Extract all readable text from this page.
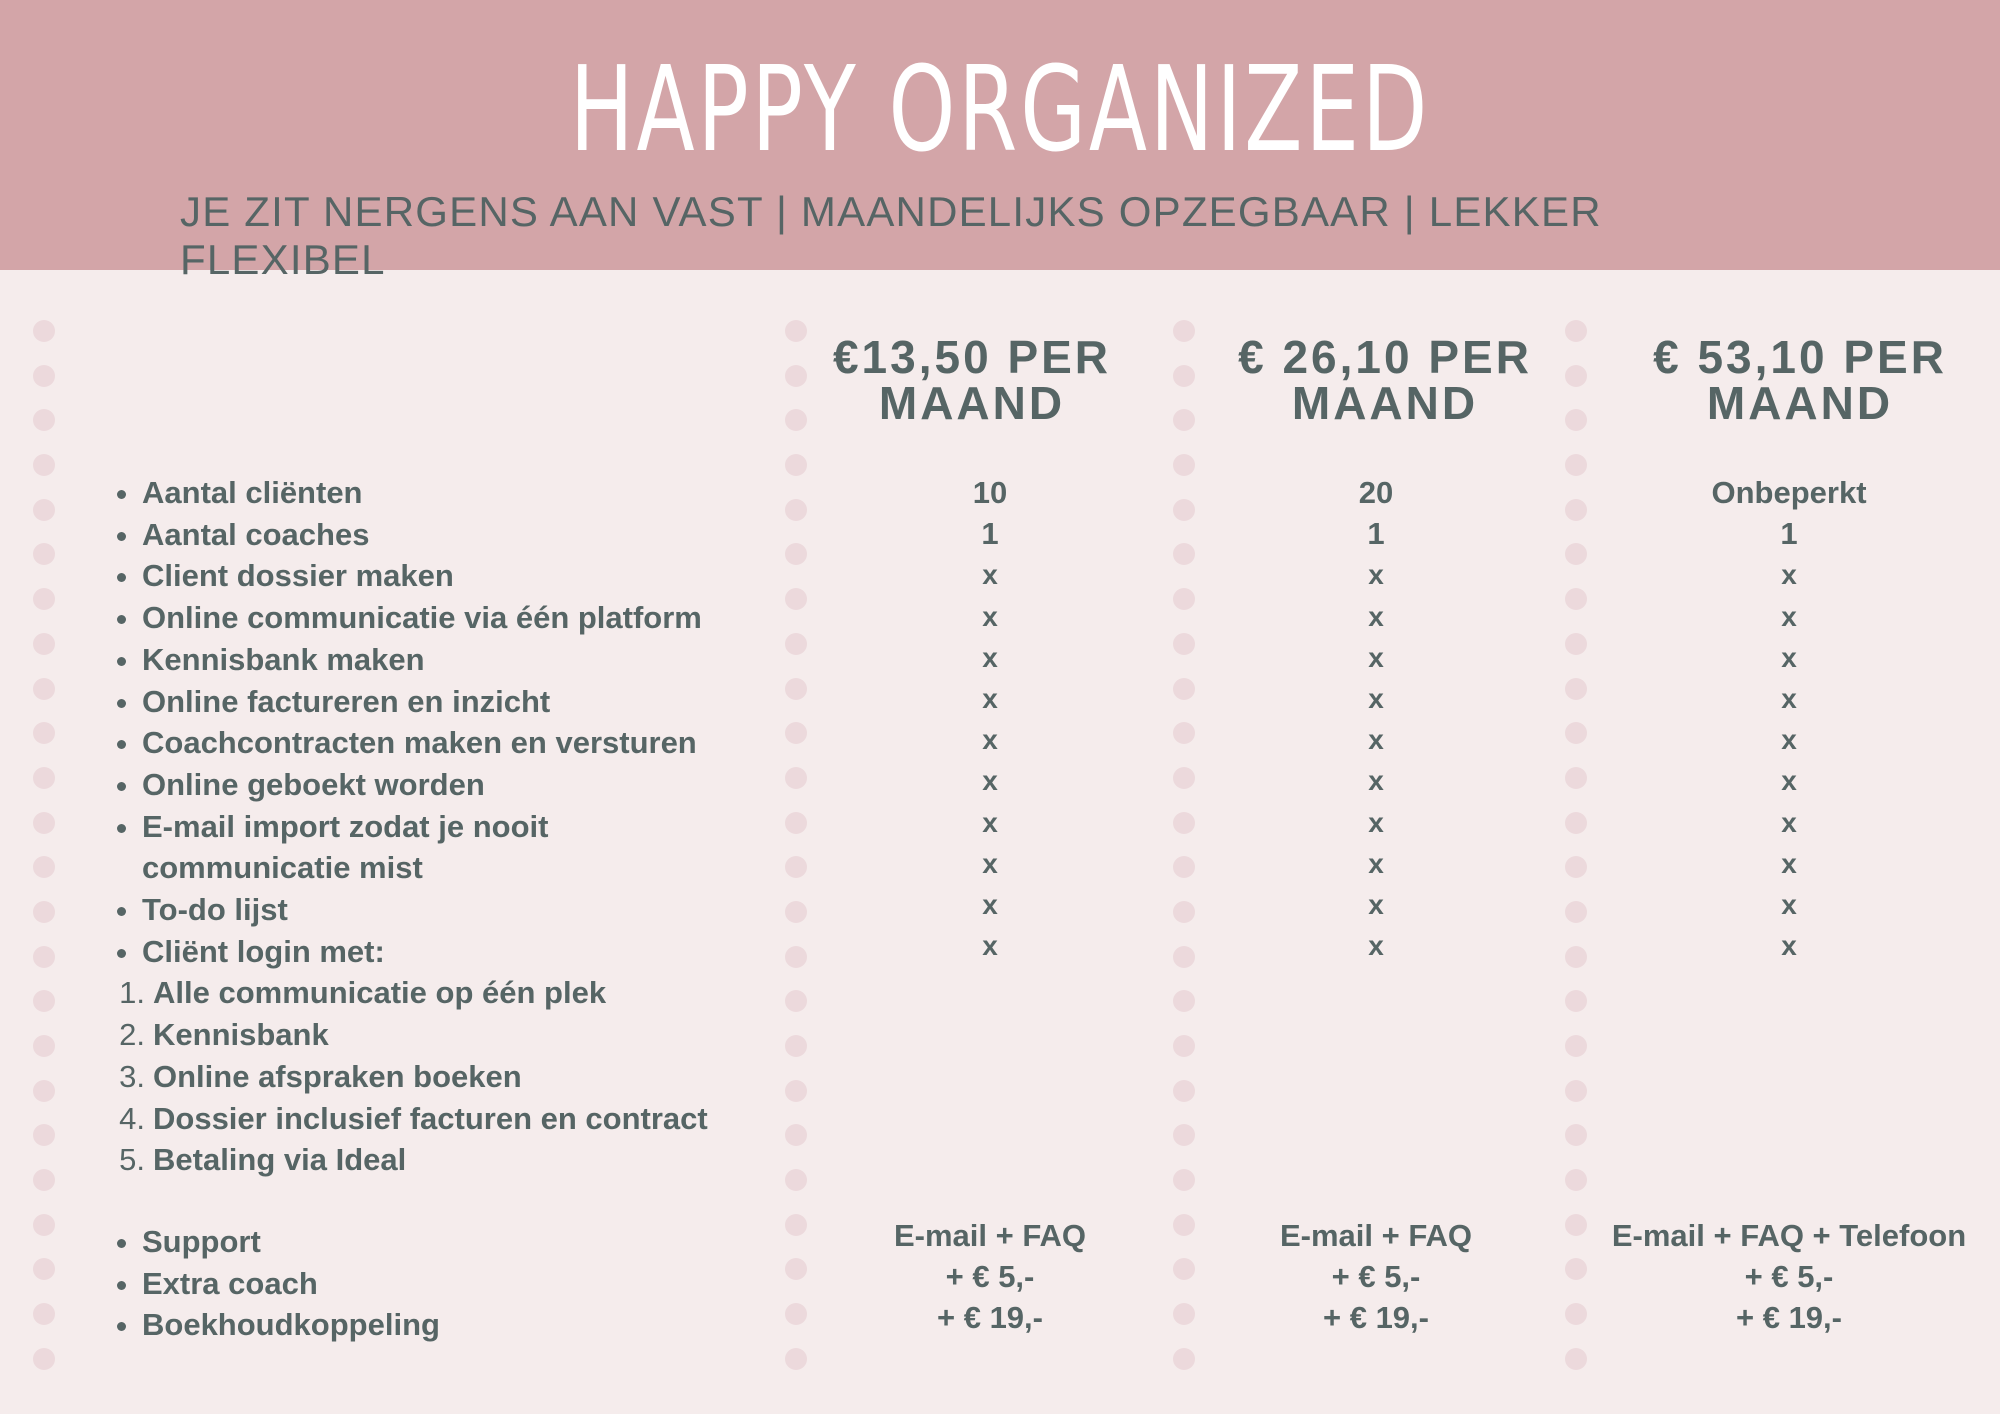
HAPPY ORGANIZED
JE ZIT NERGENS AAN VAST | MAANDELIJKS OPZEGBAAR | LEKKER FLEXIBEL
€13,50 PER MAAND
€ 26,10 PER MAAND
€ 53,10 PER MAAND
• Aantal cliënten
• Aantal coaches
• Client dossier maken
• Online communicatie via één platform
• Kennisbank maken
• Online factureren en inzicht
• Coachcontracten maken en versturen
• Online geboekt worden
• E-mail import zodat je nooit communicatie mist
• To-do lijst
• Cliënt login met:
1. Alle communicatie op één plek
2. Kennisbank
3. Online afspraken boeken
4. Dossier inclusief facturen en contract
5. Betaling via Ideal
• Support
• Extra coach
• Boekhoudkoppeling
10
1
x
x
x
x
x
x
x
x
x
x
20
1
x
x
x
x
x
x
x
x
x
x
Onbeperkt
1
x
x
x
x
x
x
x
x
x
x
E-mail + FAQ
+ € 5,-
+ € 19,-
E-mail + FAQ
+ € 5,-
+ € 19,-
E-mail + FAQ + Telefoon
+ € 5,-
+ € 19,-
